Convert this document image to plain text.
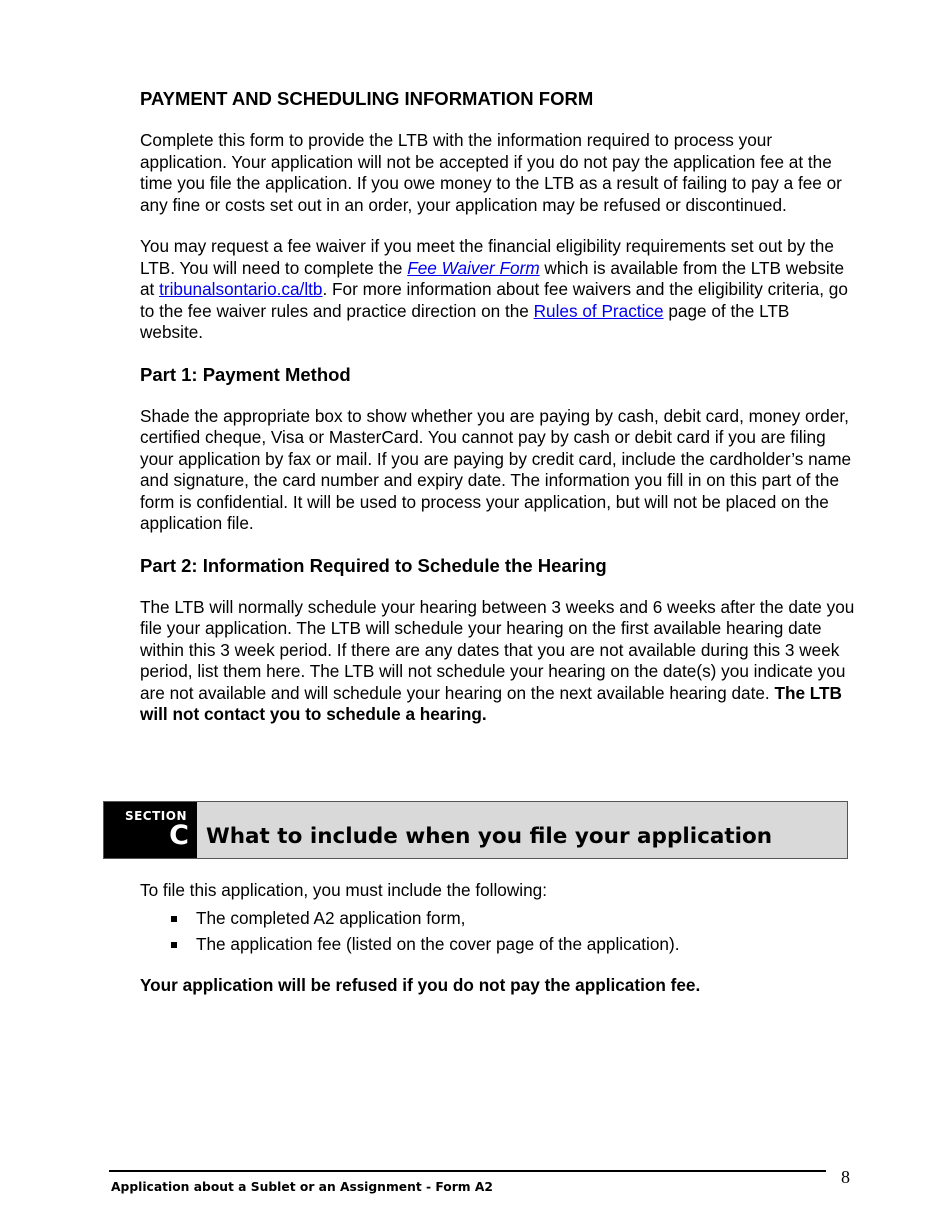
PAYMENT AND SCHEDULING INFORMATION FORM

Complete this form to provide the LTB with the information required to process your application. Your application will not be accepted if you do not pay the application fee at the time you file the application. If you owe money to the LTB as a result of failing to pay a fee or any fine or costs set out in an order, your application may be refused or discontinued.

You may request a fee waiver if you meet the financial eligibility requirements set out by the LTB. You will need to complete the Fee Waiver Form which is available from the LTB website at tribunalsontario.ca/ltb. For more information about fee waivers and the eligibility criteria, go to the fee waiver rules and practice direction on the Rules of Practice page of the LTB website.

Part 1: Payment Method

Shade the appropriate box to show whether you are paying by cash, debit card, money order, certified cheque, Visa or MasterCard. You cannot pay by cash or debit card if you are filing your application by fax or mail. If you are paying by credit card, include the cardholder’s name and signature, the card number and expiry date. The information you fill in on this part of the form is confidential. It will be used to process your application, but will not be placed on the application file.

Part 2: Information Required to Schedule the Hearing

The LTB will normally schedule your hearing between 3 weeks and 6 weeks after the date you file your application. The LTB will schedule your hearing on the first available hearing date within this 3 week period. If there are any dates that you are not available during this 3 week period, list them here. The LTB will not schedule your hearing on the date(s) you indicate you are not available and will schedule your hearing on the next available hearing date. The LTB will not contact you to schedule a hearing.

SECTION
C What to include when you file your application

To file this application, you must include the following:

The completed A2 application form,
The application fee (listed on the cover page of the application).
Your application will be refused if you do not pay the application fee.
Application about a Sublet or an Assignment - Form A2	8
